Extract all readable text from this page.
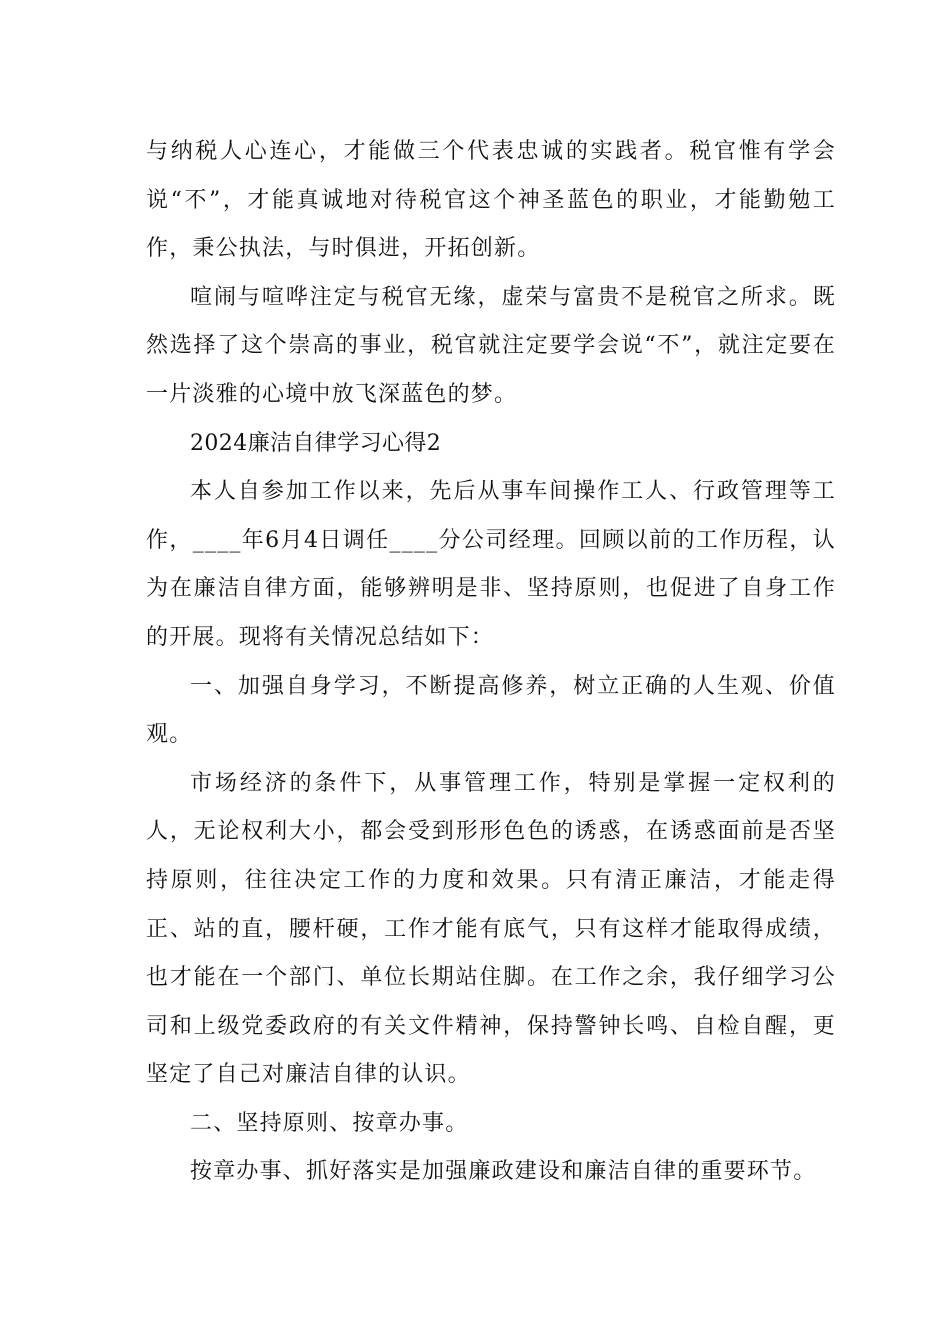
与纳税人心连心，才能做三个代表忠诚的实践者。税官惟有学会说“不”，才能真诚地对待税官这个神圣蓝色的职业，才能勤勉工作，秉公执法，与时俱进，开拓创新。

喧闹与喧哗注定与税官无缘，虚荣与富贵不是税官之所求。既然选择了这个崇高的事业，税官就注定要学会说“不”，就注定要在一片淡雅的心境中放飞深蓝色的梦。

2024廉洁自律学习心得2

本人自参加工作以来，先后从事车间操作工人、行政管理等工作，____年6月4日调任____分公司经理。回顾以前的工作历程，认为在廉洁自律方面，能够辨明是非、坚持原则，也促进了自身工作的开展。现将有关情况总结如下：

一、加强自身学习，不断提高修养，树立正确的人生观、价值观。

市场经济的条件下，从事管理工作，特别是掌握一定权利的人，无论权利大小，都会受到形形色色的诱惑，在诱惑面前是否坚持原则，往往决定工作的力度和效果。只有清正廉洁，才能走得正、站的直，腰杆硬，工作才能有底气，只有这样才能取得成绩，也才能在一个部门、单位长期站住脚。在工作之余，我仔细学习公司和上级党委政府的有关文件精神，保持警钟长鸣、自检自醒，更坚定了自己对廉洁自律的认识。

二、坚持原则、按章办事。

按章办事、抓好落实是加强廉政建设和廉洁自律的重要环节。
